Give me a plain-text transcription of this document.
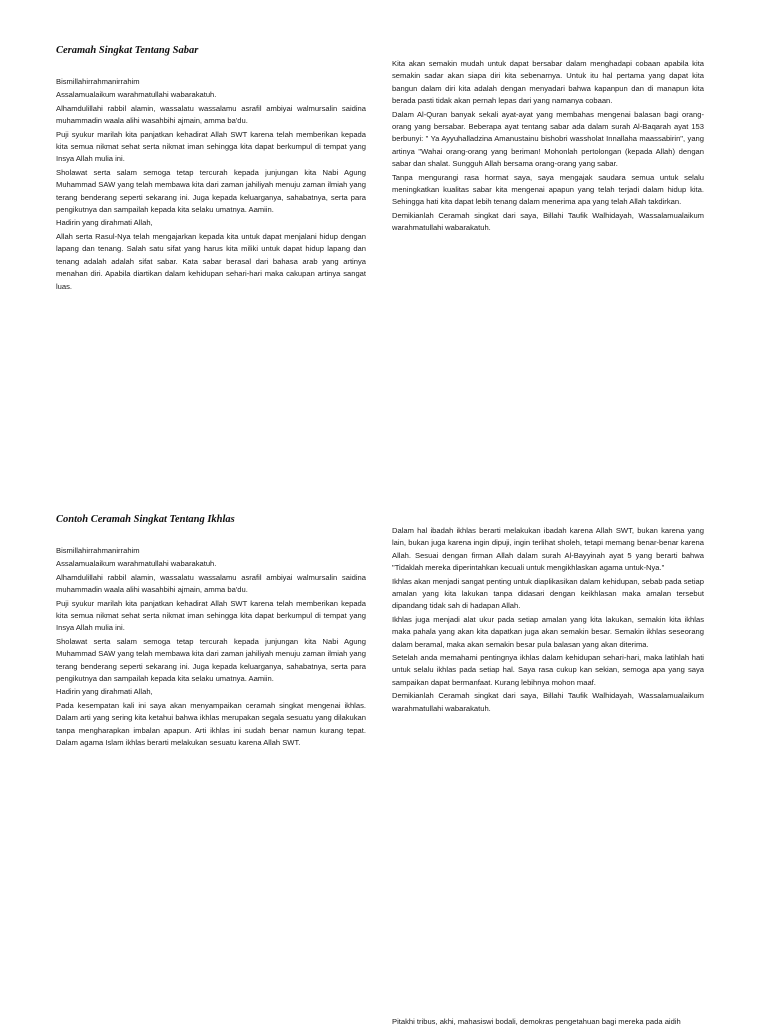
Ceramah Singkat Tentang Sabar

Bismillahirrahmanirrahim

Assalamualaikum warahmatullahi wabarakatuh.

Alhamdulillahi rabbil alamin, wassalatu wassalamu asrafil ambiyai walmursalin saidina muhammadin waala alihi wasahbihi ajmain, amma ba'du.

Puji syukur marilah kita panjatkan kehadirat Allah SWT karena telah memberikan kepada kita semua nikmat sehat serta nikmat iman sehingga kita dapat berkumpul di tempat yang Insya Allah mulia ini.

Sholawat serta salam semoga tetap tercurah kepada junjungan kita Nabi Agung Muhammad SAW yang telah membawa kita dari zaman jahiliyah menuju zaman ilmiah yang terang benderang seperti sekarang ini. Juga kepada keluarganya, sahabatnya, serta para pengikutnya dan sampailah kepada kita selaku umatnya. Aamiin.

Hadirin yang dirahmati Allah,

Allah serta Rasul-Nya telah mengajarkan kepada kita untuk dapat menjalani hidup dengan lapang dan tenang. Salah satu sifat yang harus kita miliki untuk dapat hidup lapang dan tenang adalah adalah sifat sabar. Kata sabar berasal dari bahasa arab yang artinya menahan diri. Apabila diartikan dalam kehidupan sehari-hari maka cakupan artinya sangat luas.

Kita akan semakin mudah untuk dapat bersabar dalam menghadapi cobaan apabila kita semakin sadar akan siapa diri kita sebenarnya. Untuk itu hal pertama yang dapat kita bangun dalam diri kita adalah dengan menyadari bahwa kapanpun dan di manapun kita berada pasti tidak akan pernah lepas dari yang namanya cobaan.

Dalam Al-Quran banyak sekali ayat-ayat yang membahas mengenai balasan bagi orang-orang yang bersabar. Beberapa ayat tentang sabar ada dalam surah Al-Baqarah ayat 153 berbunyi: " Ya Ayyuhalladzina Amanustainu bishobri wassholat Innallaha maassabirin", yang artinya "Wahai orang-orang yang beriman! Mohonlah pertolongan (kepada Allah) dengan sabar dan shalat. Sungguh Allah bersama orang-orang yang sabar.

Tanpa mengurangi rasa hormat saya, saya mengajak saudara semua untuk selalu meningkatkan kualitas sabar kita mengenai apapun yang telah terjadi dalam hidup kita. Sehingga hati kita dapat lebih tenang dalam menerima apa yang telah Allah takdirkan.

Demikianlah Ceramah singkat dari saya, Billahi Taufik Walhidayah, Wassalamualaikum warahmatullahi wabarakatuh.

Contoh Ceramah Singkat Tentang Ikhlas

Bismillahirrahmanirrahim

Assalamualaikum warahmatullahi wabarakatuh.

Alhamdulillahi rabbil alamin, wassalatu wassalamu asrafil ambiyai walmursalin saidina muhammadin waala alihi wasahbihi ajmain, amma ba'du.

Puji syukur marilah kita panjatkan kehadirat Allah SWT karena telah memberikan kepada kita semua nikmat sehat serta nikmat iman sehingga kita dapat berkumpul di tempat yang Insya Allah mulia ini.

Sholawat serta salam semoga tetap tercurah kepada junjungan kita Nabi Agung Muhammad SAW yang telah membawa kita dari zaman jahiliyah menuju zaman ilmiah yang terang benderang seperti sekarang ini. Juga kepada keluarganya, sahabatnya, serta para pengikutnya dan sampailah kepada kita selaku umatnya. Aamiin.

Hadirin yang dirahmati Allah,

Pada kesempatan kali ini saya akan menyampaikan ceramah singkat mengenai ikhlas. Dalam arti yang sering kita ketahui bahwa ikhlas merupakan segala sesuatu yang dilakukan tanpa mengharapkan imbalan apapun. Arti ikhlas ini sudah benar namun kurang tepat. Dalam agama Islam ikhlas berarti melakukan sesuatu karena Allah SWT.

Dalam hal ibadah ikhlas berarti melakukan ibadah karena Allah SWT, bukan karena yang lain, bukan juga karena ingin dipuji, ingin terlihat sholeh, tetapi memang benar-benar karena Allah. Sesuai dengan firman Allah dalam surah Al-Bayyinah ayat 5 yang berarti bahwa "Tidaklah mereka diperintahkan kecuali untuk mengikhlaskan agama untuk-Nya."

Ikhlas akan menjadi sangat penting untuk diaplikasikan dalam kehidupan, sebab pada setiap amalan yang kita lakukan tanpa didasari dengan keikhlasan maka amalan tersebut dipandang tidak sah di hadapan Allah.

Ikhlas juga menjadi alat ukur pada setiap amalan yang kita lakukan, semakin kita ikhlas maka pahala yang akan kita dapatkan juga akan semakin besar. Semakin ikhlas seseorang dalam beramal, maka akan semakin besar pula balasan yang akan diterima.

Setelah anda memahami pentingnya ikhlas dalam kehidupan sehari-hari, maka latihlah hati untuk selalu ikhlas pada setiap hal. Saya rasa cukup kan sekian, semoga apa yang saya sampaikan dapat bermanfaat. Kurang lebihnya mohon maaf.

Demikianlah Ceramah singkat dari saya, Billahi Taufik Walhidayah, Wassalamualaikum warahmatullahi wabarakatuh.

Pitakhi tribus, akhi, mahasiswi bodali, demokras pengetahuan bagi mereka pada aidih
